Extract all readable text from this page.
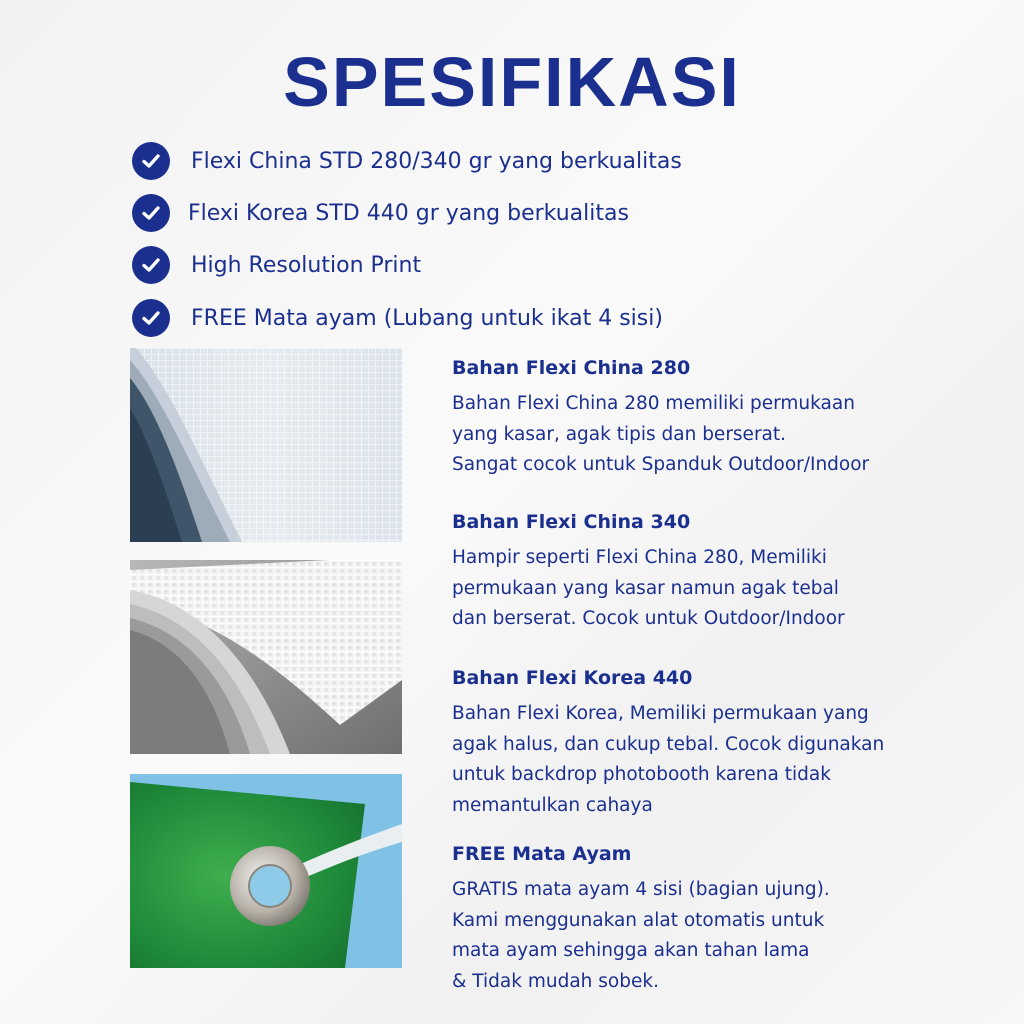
SPESIFIKASI
Flexi China STD 280/340 gr yang berkualitas
Flexi Korea STD 440 gr yang berkualitas
High Resolution Print
FREE Mata ayam (Lubang untuk ikat 4 sisi)
Bahan Flexi China 280
Bahan Flexi China 280 memiliki permukaan
yang kasar, agak tipis dan berserat.
Sangat cocok untuk Spanduk Outdoor/Indoor
Bahan Flexi China 340
Hampir seperti Flexi China 280, Memiliki
permukaan yang kasar namun agak tebal
dan berserat. Cocok untuk Outdoor/Indoor
Bahan Flexi Korea 440
Bahan Flexi Korea, Memiliki permukaan yang
agak halus, dan cukup tebal. Cocok digunakan
untuk backdrop photobooth karena tidak
memantulkan cahaya
FREE Mata Ayam
GRATIS mata ayam 4 sisi (bagian ujung).
Kami menggunakan alat otomatis untuk
mata ayam sehingga akan tahan lama
& Tidak mudah sobek.
